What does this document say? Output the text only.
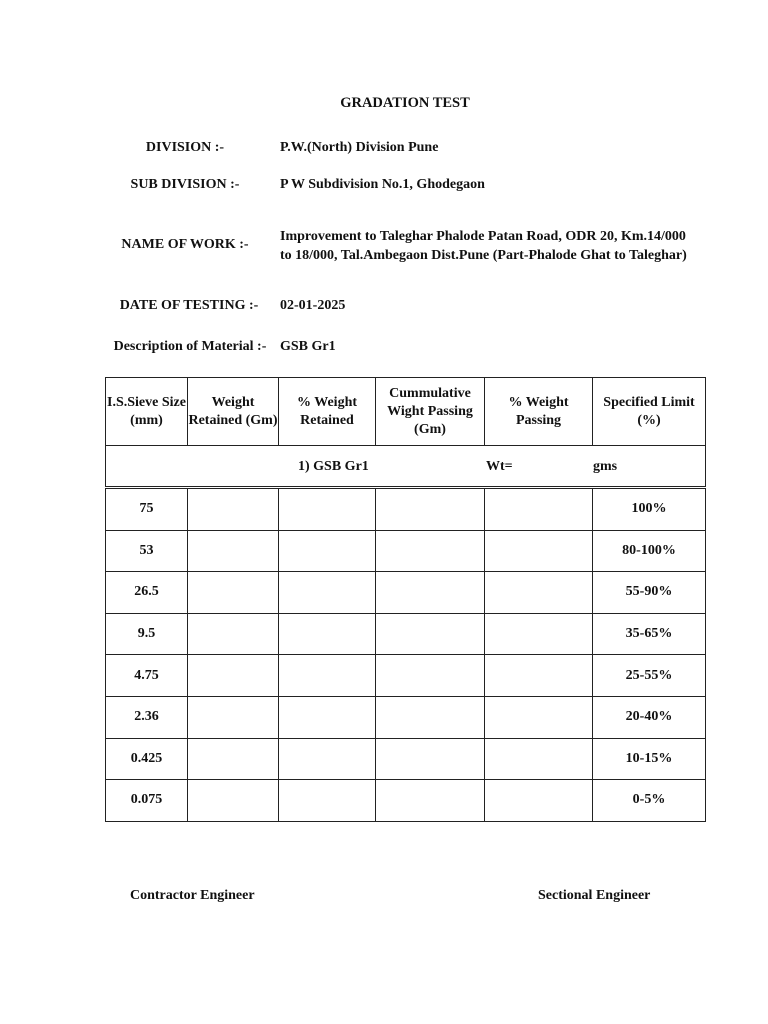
GRADATION TEST
DIVISION :-	P.W.(North) Division Pune
SUB DIVISION :-	P W Subdivision No.1, Ghodegaon
NAME OF WORK :-
Improvement to Taleghar Phalode Patan Road, ODR 20, Km.14/000 to 18/000, Tal.Ambegaon Dist.Pune (Part-Phalode Ghat to Taleghar)
DATE OF TESTING :-	02-01-2025
Description of Material :- GSB Gr1
I.S.Sieve Size (mm)	Weight Retained (Gm)	% Weight Retained	Cummulative Wight Passing (Gm)	% Weight Passing	Specified Limit (%)

1) GSB Gr1 Wt= gms					

75					100%
53					80-100%
26.5					55-90%
9.5					35-65%
4.75					25-55%
2.36					20-40%
0.425					10-15%
0.075					0-5%
Contractor Engineer	Sectional Engineer
